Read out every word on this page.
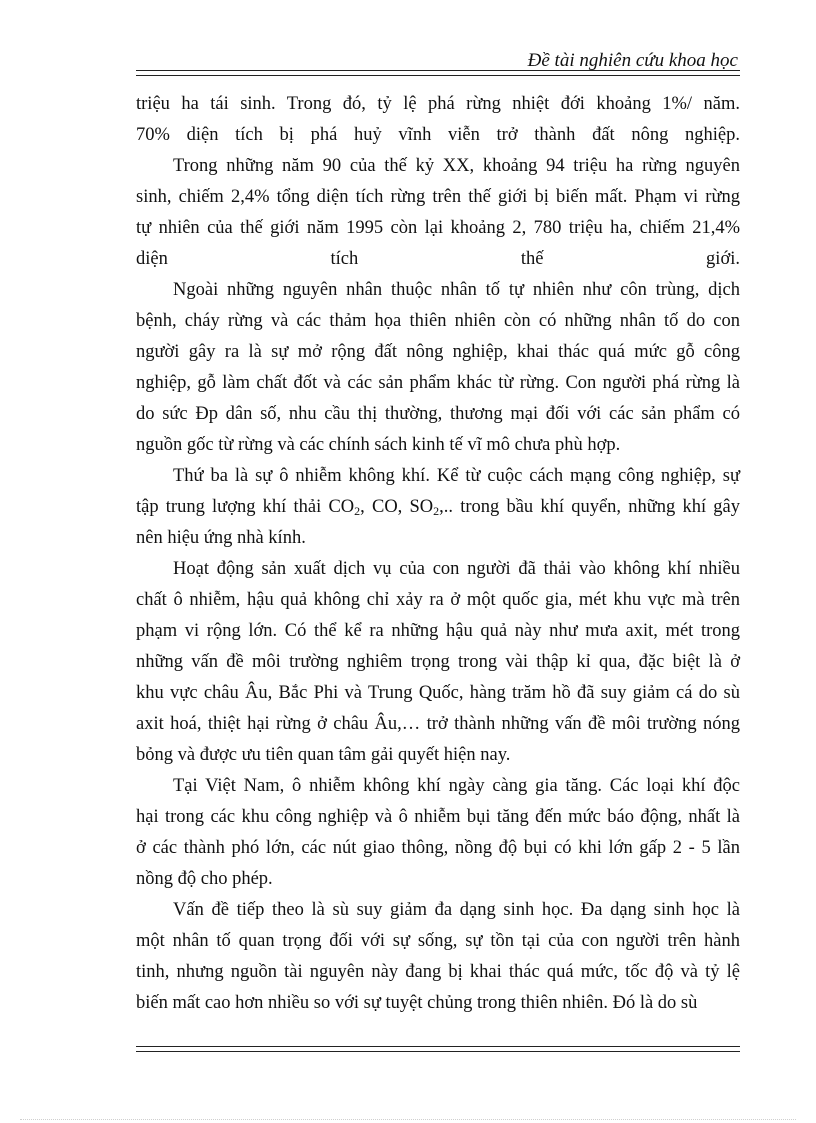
Đề tài nghiên cứu khoa học
triệu ha tái sinh. Trong đó, tỷ lệ phá rừng nhiệt đới khoảng 1%/ năm.
70% diện tích bị phá huỷ vĩnh viễn trở thành đất nông nghiệp.
Trong những năm 90 của thế kỷ XX, khoảng 94 triệu ha rừng nguyên
sinh, chiếm 2,4% tổng diện tích rừng trên thế giới bị biến mất. Phạm vi rừng
tự nhiên của thế giới năm 1995 còn lại khoảng 2, 780 triệu ha, chiếm 21,4%
diện tích thế giới.
Ngoài những nguyên nhân thuộc nhân tố tự nhiên như côn trùng, dịch
bệnh, cháy rừng và các thảm họa thiên nhiên còn có những nhân tố do con
người gây ra là sự mở rộng đất nông nghiệp, khai thác quá mức gỗ công
nghiệp, gỗ làm chất đốt và các sản phẩm khác từ rừng. Con người phá rừng là
do sức Ðp dân số, nhu cầu thị thường, thương mại đối với các sản phẩm có
nguồn gốc từ rừng và các chính sách kinh tế vĩ mô chưa phù hợp.
Thứ ba là sự ô nhiễm không khí. Kể từ cuộc cách mạng công nghiệp, sự
tập trung lượng khí thải $CO_2$, CO, $SO_2$,.. trong bầu khí quyển, những khí gây
nên hiệu ứng nhà kính.
Hoạt động sản xuất dịch vụ của con người đã thải vào không khí nhiều
chất ô nhiễm, hậu quả không chỉ xảy ra ở một quốc gia, mét khu vực mà trên
phạm vi rộng lớn. Có thể kể ra những hậu quả này như mưa axit, mét trong
những vấn đề môi trường nghiêm trọng trong vài thập kỉ qua, đặc biệt là ở
khu vực châu Âu, Bắc Phi và Trung Quốc, hàng trăm hồ đã suy giảm cá do sù
axit hoá, thiệt hại rừng ở châu Âu,… trở thành những vấn đề môi trường nóng
bỏng và được ưu tiên quan tâm gải quyết hiện nay.
Tại Việt Nam, ô nhiễm không khí ngày càng gia tăng. Các loại khí độc
hại trong các khu công nghiệp và ô nhiễm bụi tăng đến mức báo động, nhất là
ở các thành phó lớn, các nút giao thông, nồng độ bụi có khi lớn gấp 2 - 5 lần
nồng độ cho phép.
Vấn đề tiếp theo là sù suy giảm đa dạng sinh học. Đa dạng sinh học là
một nhân tố quan trọng đối với sự sống, sự tồn tại của con người trên hành
tinh, nhưng nguồn tài nguyên này đang bị khai thác quá mức, tốc độ và tỷ lệ
biến mất cao hơn nhiều so với sự tuyệt chủng trong thiên nhiên. Đó là do sù
